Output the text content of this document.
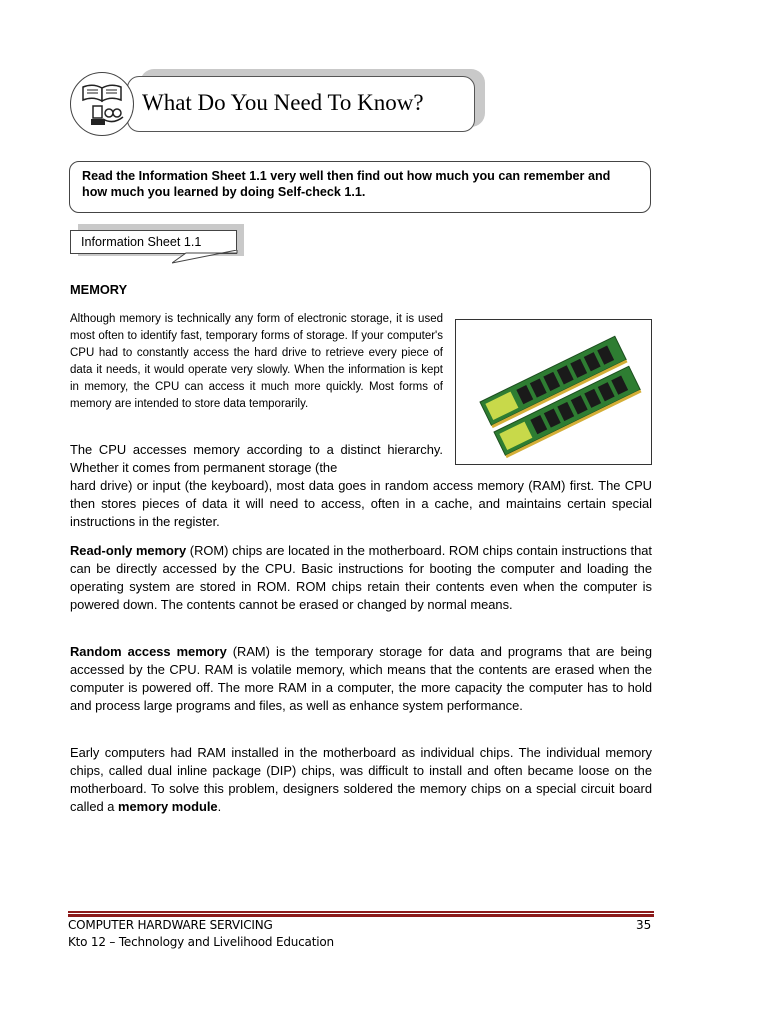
What Do You Need To Know?
Read the Information Sheet 1.1 very well then find out how much you can remember and how much you learned by doing Self-check 1.1.
Information Sheet 1.1
MEMORY
Although memory is technically any form of electronic storage, it is used most often to identify fast, temporary forms of storage. If your computer's CPU had to constantly access the hard drive to retrieve every piece of data it needs, it would operate very slowly. When the information is kept in memory, the CPU can access it much more quickly. Most forms of memory are intended to store data temporarily.
The CPU accesses memory according to a distinct hierarchy. Whether it comes from permanent storage (the
hard drive) or input (the keyboard), most data goes in random access memory (RAM) first. The CPU then stores pieces of data it will need to access, often in a cache, and maintains certain special instructions in the register.
Read-only memory (ROM) chips are located in the motherboard. ROM chips contain instructions that can be directly accessed by the CPU. Basic instructions for booting the computer and loading the operating system are stored in ROM. ROM chips retain their contents even when the computer is powered down. The contents cannot be erased or changed by normal means.
Random access memory (RAM) is the temporary storage for data and programs that are being accessed by the CPU. RAM is volatile memory, which means that the contents are erased when the computer is powered off. The more RAM in a computer, the more capacity the computer has to hold and process large programs and files, as well as enhance system performance.
Early computers had RAM installed in the motherboard as individual chips. The individual memory chips, called dual inline package (DIP) chips, was difficult to install and often became loose on the motherboard. To solve this problem, designers soldered the memory chips on a special circuit board called a memory module.
COMPUTER HARDWARE SERVICING
Kto 12 – Technology and Livelihood Education
35
